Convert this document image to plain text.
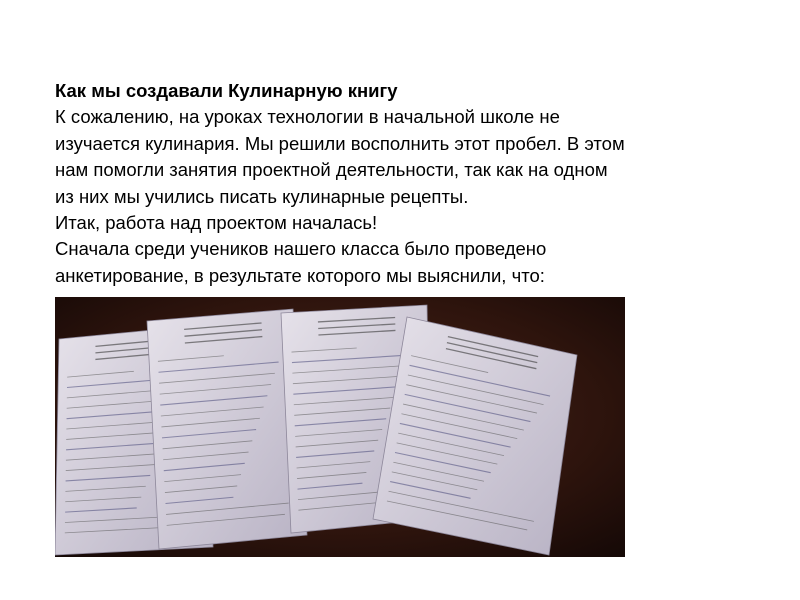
Как мы создавали Кулинарную книгу
К сожалению, на уроках технологии в начальной школе не
изучается кулинария. Мы решили восполнить этот пробел. В этом
нам помогли занятия проектной деятельности, так как на одном
из них мы учились писать кулинарные рецепты.
Итак, работа над проектом началась!
Сначала среди учеников нашего класса было проведено
анкетирование, в результате которого мы выяснили, что:
